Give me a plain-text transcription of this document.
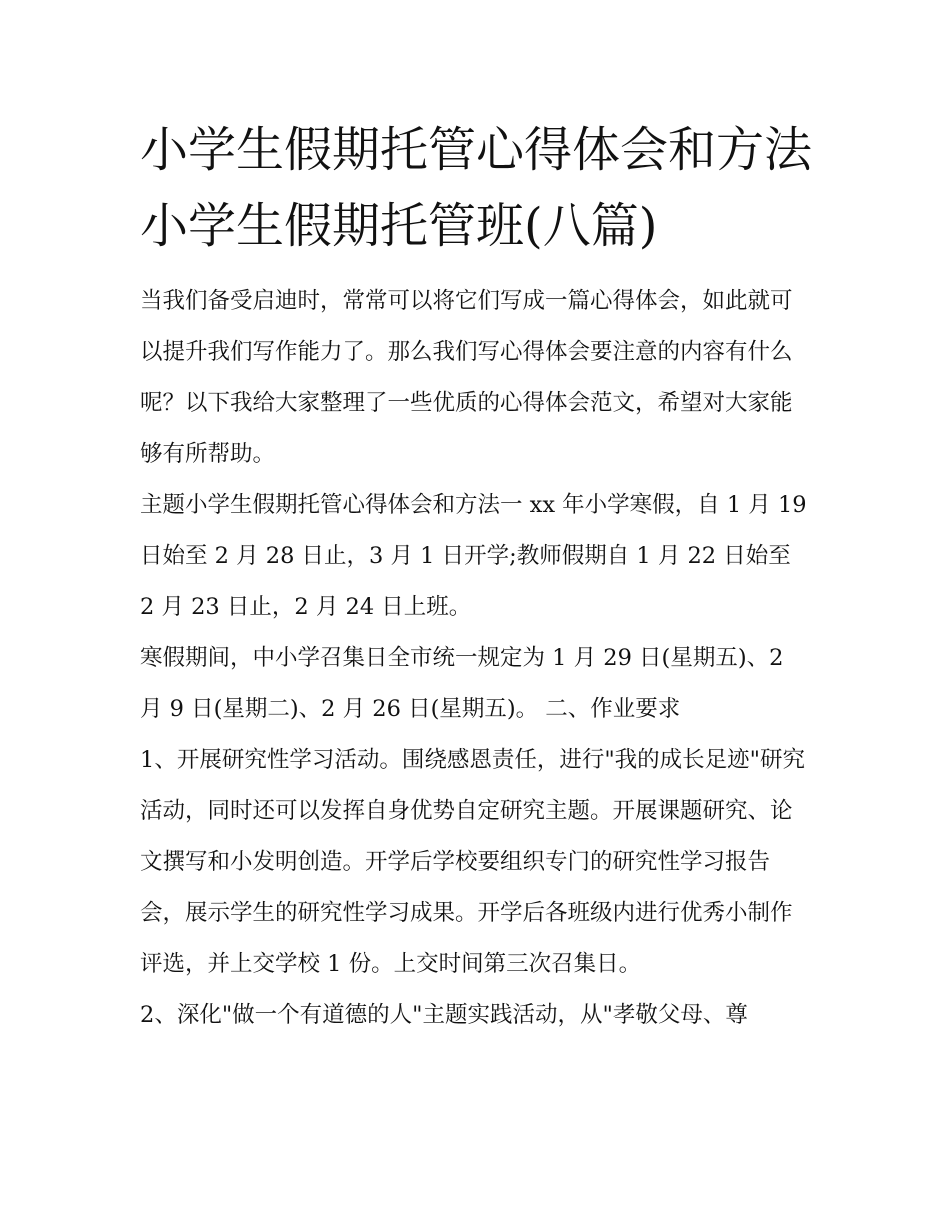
小学生假期托管心得体会和方法 小学生假期托管班(八篇)

当我们备受启迪时，常常可以将它们写成一篇心得体会，如此就可以提升我们写作能力了。那么我们写心得体会要注意的内容有什么呢？以下我给大家整理了一些优质的心得体会范文，希望对大家能够有所帮助。

主题小学生假期托管心得体会和方法一 xx 年小学寒假，自 1 月 19 日始至 2 月 28 日止，3 月 1 日开学;教师假期自 1 月 22 日始至 2 月 23 日止，2 月 24 日上班。

寒假期间，中小学召集日全市统一规定为 1 月 29 日(星期五)、2 月 9 日(星期二)、2 月 26 日(星期五)。 二、作业要求

1、开展研究性学习活动。围绕感恩责任，进行"我的成长足迹"研究活动，同时还可以发挥自身优势自定研究主题。开展课题研究、论文撰写和小发明创造。开学后学校要组织专门的研究性学习报告会，展示学生的研究性学习成果。开学后各班级内进行优秀小制作评选，并上交学校 1 份。上交时间第三次召集日。

2、深化"做一个有道德的人"主题实践活动，从"孝敬父母、尊
